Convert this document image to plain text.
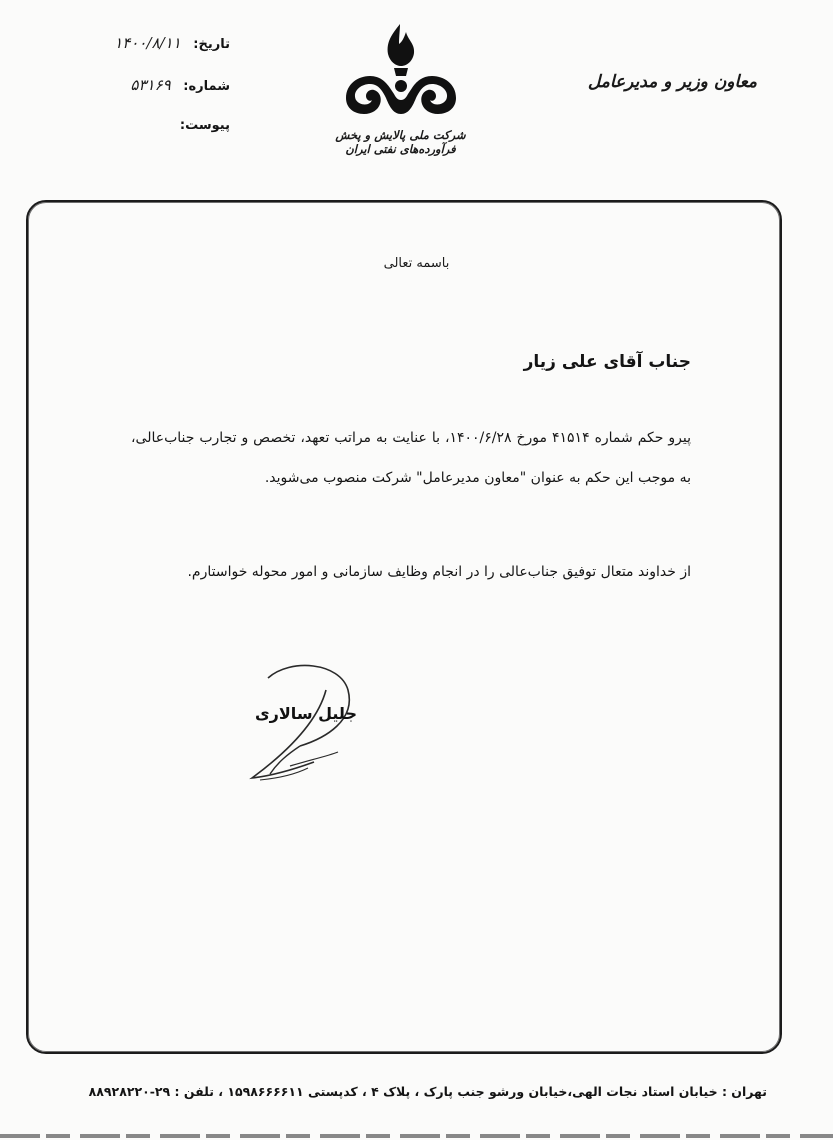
تاریخ: ۱۴۰۰/۸/۱۱
شماره: ۵۳۱۶۹
پیوست:
شرکت ملی پالایش و پخش فرآورده‌های نفتی ایران
معاون وزیر و مدیرعامل
باسمه تعالی
جناب آقای علی زیار
پیرو حکم شماره ۴۱۵۱۴ مورخ ۱۴۰۰/۶/۲۸، با عنایت به مراتب تعهد، تخصص و تجارب جناب‌عالی، به موجب این حکم به عنوان "معاون مدیرعامل" شرکت منصوب می‌شوید.
از خداوند متعال توفیق جناب‌عالی را در انجام وظایف سازمانی و امور محوله خواستارم.
جلیل سالاری
تهران : خیابان استاد نجات الهی،خیابان ورشو جنب پارک ، پلاک ۴ ، کدپستی ۱۵۹۸۶۶۶۶۱۱ ، تلفن : ۲۹-۸۸۹۲۸۲۲۰
